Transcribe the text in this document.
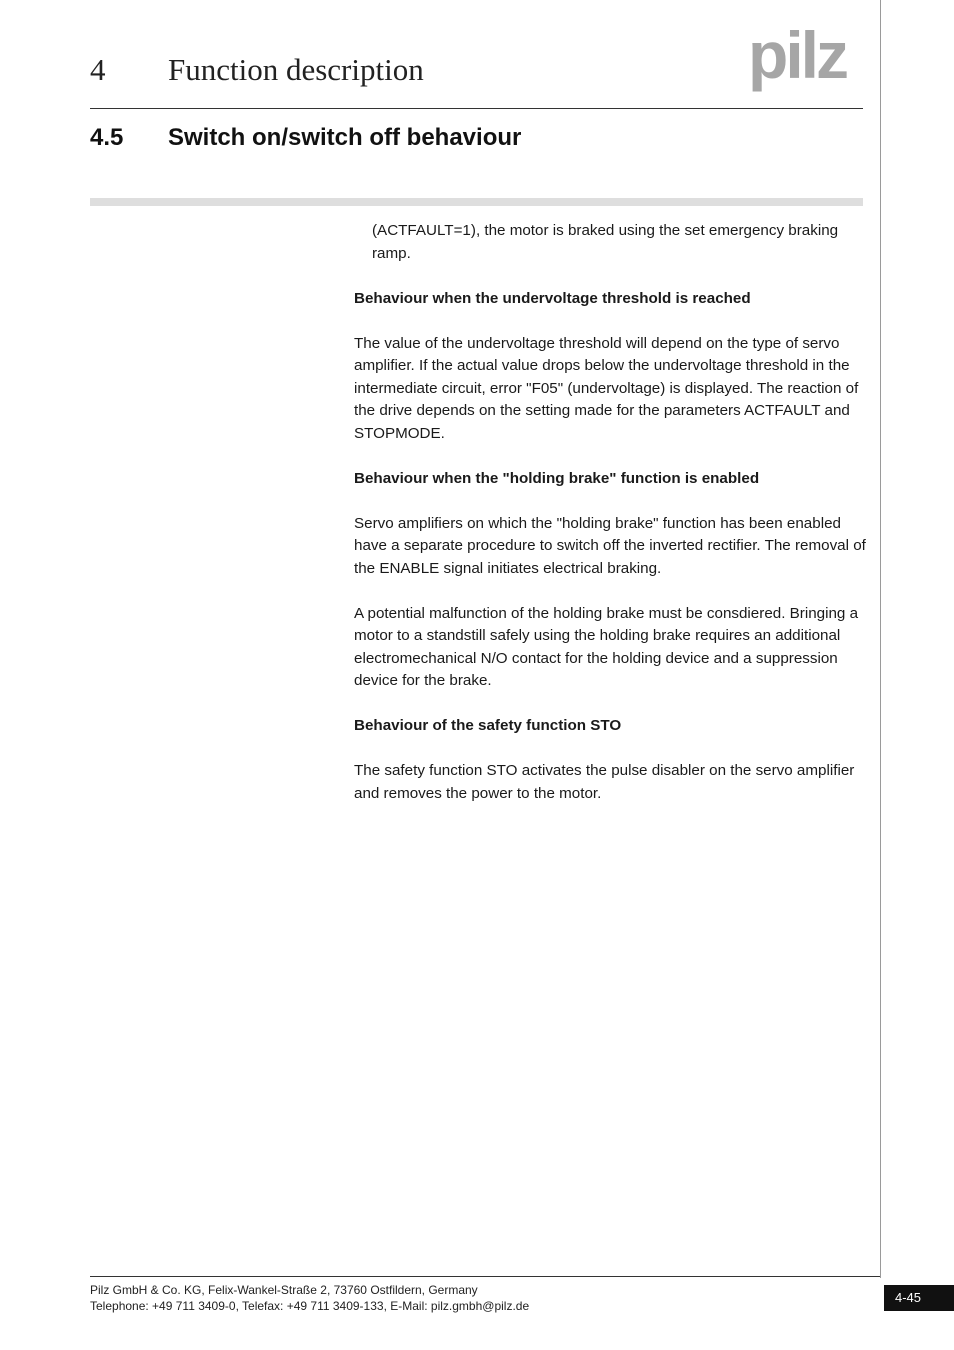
4 Function description	pilz
4.5 Switch on/switch off behaviour

(ACTFAULT=1), the motor is braked using the set emergency braking ramp.

Behaviour when the undervoltage threshold is reached

The value of the undervoltage threshold will depend on the type of servo amplifier. If the actual value drops below the undervoltage threshold in the intermediate circuit, error "F05" (undervoltage) is displayed. The reaction of the drive depends on the setting made for the parameters ACTFAULT and STOPMODE.

Behaviour when the "holding brake" function is enabled

Servo amplifiers on which the "holding brake" function has been enabled have a separate procedure to switch off the inverted rectifier. The removal of the ENABLE signal initiates electrical braking.

A potential malfunction of the holding brake must be consdiered. Bringing a motor to a standstill safely using the holding brake requires an additional electromechanical N/O contact for the holding device and a suppression device for the brake.

Behaviour of the safety function STO

The safety function STO activates the pulse disabler on the servo amplifier and removes the power to the motor.

Pilz GmbH & Co. KG, Felix-Wankel-Straße 2, 73760 Ostfildern, Germany
Telephone: +49 711 3409-0, Telefax: +49 711 3409-133, E-Mail: pilz.gmbh@pilz.de
4-45
